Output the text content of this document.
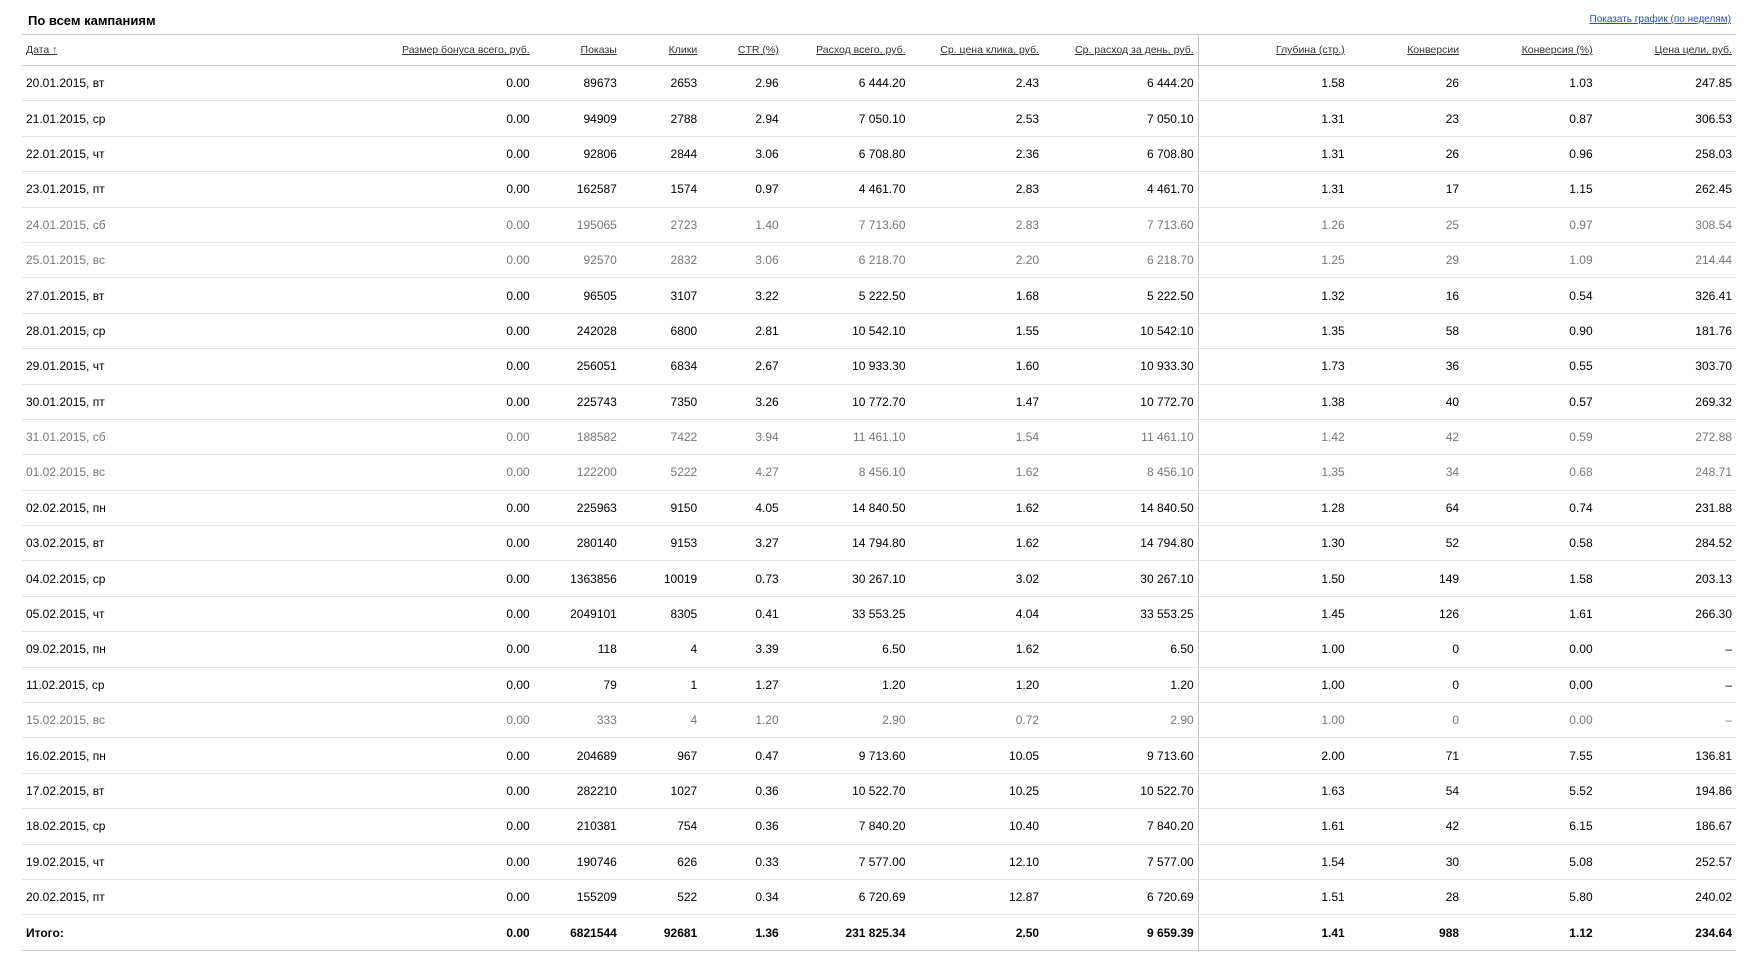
По всем кампаниям	Показать график (по неделям)
Дата ↑	Размер бонуса всего, руб.	Показы	Клики	CTR (%)	Расход всего, руб.	Ср. цена клика, руб.	Ср. расход за день, руб.	Глубина (стр.)	Конверсии	Конверсия (%)	Цена цели, руб.
20.01.2015, вт	0.00	89673	2653	2.96	6 444.20	2.43	6 444.20	1.58	26	1.03	247.85
21.01.2015, ср	0.00	94909	2788	2.94	7 050.10	2.53	7 050.10	1.31	23	0.87	306.53
22.01.2015, чт	0.00	92806	2844	3.06	6 708.80	2.36	6 708.80	1.31	26	0.96	258.03
23.01.2015, пт	0.00	162587	1574	0.97	4 461.70	2.83	4 461.70	1.31	17	1.15	262.45
24.01.2015, сб	0.00	195065	2723	1.40	7 713.60	2.83	7 713.60	1.26	25	0.97	308.54
25.01.2015, вс	0.00	92570	2832	3.06	6 218.70	2.20	6 218.70	1.25	29	1.09	214.44
27.01.2015, вт	0.00	96505	3107	3.22	5 222.50	1.68	5 222.50	1.32	16	0.54	326.41
28.01.2015, ср	0.00	242028	6800	2.81	10 542.10	1.55	10 542.10	1.35	58	0.90	181.76
29.01.2015, чт	0.00	256051	6834	2.67	10 933.30	1.60	10 933.30	1.73	36	0.55	303.70
30.01.2015, пт	0.00	225743	7350	3.26	10 772.70	1.47	10 772.70	1.38	40	0.57	269.32
31.01.2015, сб	0.00	188582	7422	3.94	11 461.10	1.54	11 461.10	1.42	42	0.59	272.88
01.02.2015, вс	0.00	122200	5222	4.27	8 456.10	1.62	8 456.10	1.35	34	0.68	248.71
02.02.2015, пн	0.00	225963	9150	4.05	14 840.50	1.62	14 840.50	1.28	64	0.74	231.88
03.02.2015, вт	0.00	280140	9153	3.27	14 794.80	1.62	14 794.80	1.30	52	0.58	284.52
04.02.2015, ср	0.00	1363856	10019	0.73	30 267.10	3.02	30 267.10	1.50	149	1.58	203.13
05.02.2015, чт	0.00	2049101	8305	0.41	33 553.25	4.04	33 553.25	1.45	126	1.61	266.30
09.02.2015, пн	0.00	118	4	3.39	6.50	1.62	6.50	1.00	0	0.00	–
11.02.2015, ср	0.00	79	1	1.27	1.20	1.20	1.20	1.00	0	0.00	–
15.02.2015, вс	0.00	333	4	1.20	2.90	0.72	2.90	1.00	0	0.00	–
16.02.2015, пн	0.00	204689	967	0.47	9 713.60	10.05	9 713.60	2.00	71	7.55	136.81
17.02.2015, вт	0.00	282210	1027	0.36	10 522.70	10.25	10 522.70	1.63	54	5.52	194.86
18.02.2015, ср	0.00	210381	754	0.36	7 840.20	10.40	7 840.20	1.61	42	6.15	186.67
19.02.2015, чт	0.00	190746	626	0.33	7 577.00	12.10	7 577.00	1.54	30	5.08	252.57
20.02.2015, пт	0.00	155209	522	0.34	6 720.69	12.87	6 720.69	1.51	28	5.80	240.02
Итого:	0.00	6821544	92681	1.36	231 825.34	2.50	9 659.39	1.41	988	1.12	234.64
